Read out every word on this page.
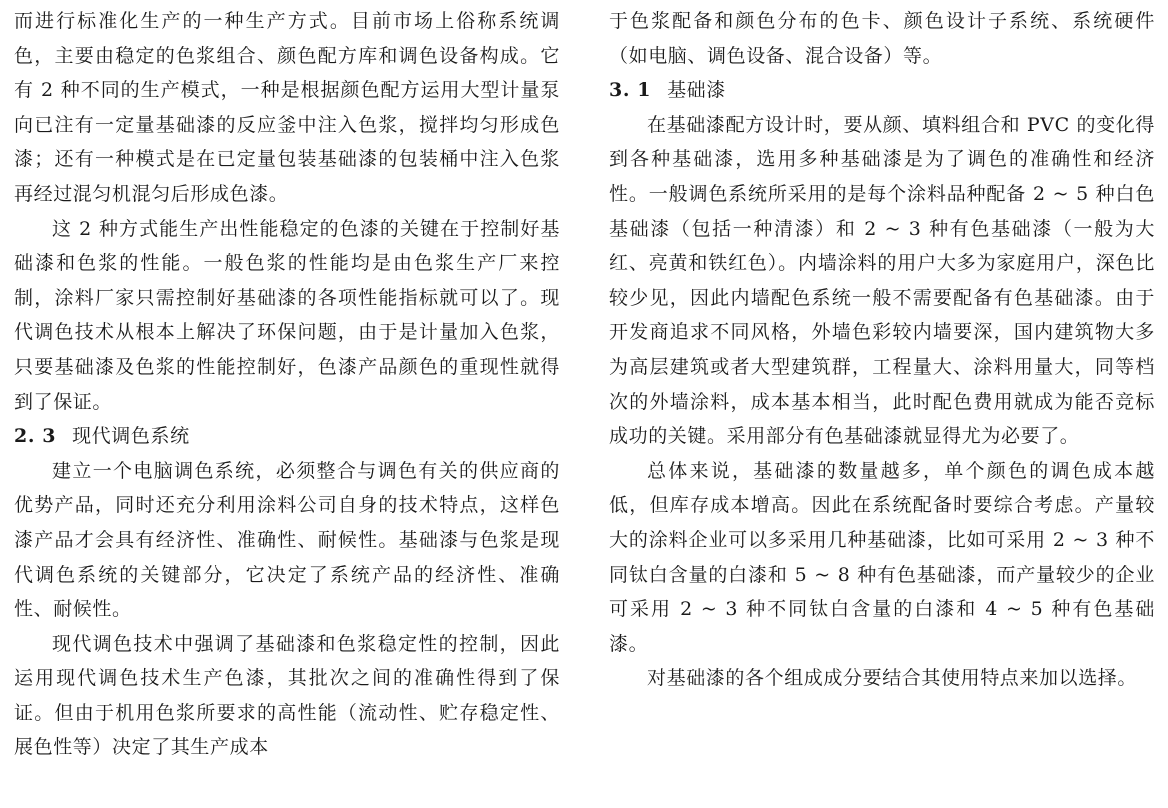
而进行标准化生产的一种生产方式。目前市场上俗称系统调色，主要由稳定的色浆组合、颜色配方库和调色设备构成。它有 2 种不同的生产模式，一种是根据颜色配方运用大型计量泵向已注有一定量基础漆的反应釜中注入色浆，搅拌均匀形成色漆；还有一种模式是在已定量包装基础漆的包装桶中注入色浆再经过混匀机混匀后形成色漆。

这 2 种方式能生产出性能稳定的色漆的关键在于控制好基础漆和色浆的性能。一般色浆的性能均是由色浆生产厂来控制，涂料厂家只需控制好基础漆的各项性能指标就可以了。现代调色技术从根本上解决了环保问题，由于是计量加入色浆，只要基础漆及色浆的性能控制好，色漆产品颜色的重现性就得到了保证。

2. 3 现代调色系统

建立一个电脑调色系统，必须整合与调色有关的供应商的优势产品，同时还充分利用涂料公司自身的技术特点，这样色漆产品才会具有经济性、准确性、耐候性。基础漆与色浆是现代调色系统的关键部分，它决定了系统产品的经济性、准确性、耐候性。

现代调色技术中强调了基础漆和色浆稳定性的控制，因此运用现代调色技术生产色漆，其批次之间的准确性得到了保证。但由于机用色浆所要求的高性能（流动性、贮存稳定性、展色性等）决定了其生产成本

于色浆配备和颜色分布的色卡、颜色设计子系统、系统硬件（如电脑、调色设备、混合设备）等。

3. 1 基础漆

在基础漆配方设计时，要从颜、填料组合和 PVC 的变化得到各种基础漆，选用多种基础漆是为了调色的准确性和经济性。一般调色系统所采用的是每个涂料品种配备 2 ~ 5 种白色基础漆（包括一种清漆）和 2 ~ 3 种有色基础漆（一般为大红、亮黄和铁红色）。内墙涂料的用户大多为家庭用户，深色比较少见，因此内墙配色系统一般不需要配备有色基础漆。由于开发商追求不同风格，外墙色彩较内墙要深，国内建筑物大多为高层建筑或者大型建筑群，工程量大、涂料用量大，同等档次的外墙涂料，成本基本相当，此时配色费用就成为能否竞标成功的关键。采用部分有色基础漆就显得尤为必要了。

总体来说，基础漆的数量越多，单个颜色的调色成本越低，但库存成本增高。因此在系统配备时要综合考虑。产量较大的涂料企业可以多采用几种基础漆，比如可采用 2 ~ 3 种不同钛白含量的白漆和 5 ~ 8 种有色基础漆，而产量较少的企业可采用 2 ~ 3 种不同钛白含量的白漆和 4 ~ 5 种有色基础漆。

对基础漆的各个组成成分要结合其使用特点来加以选择。
